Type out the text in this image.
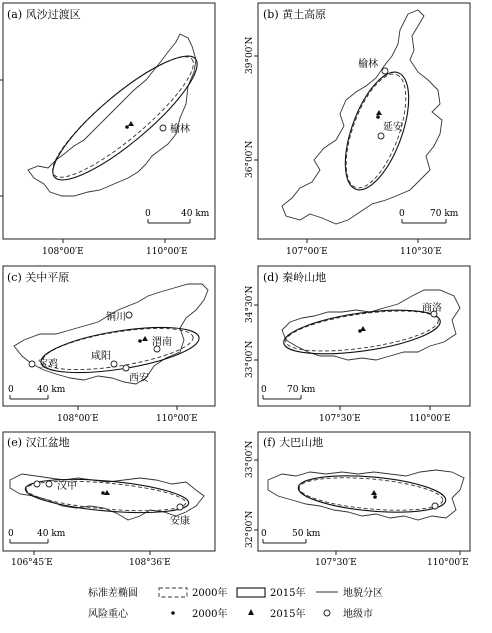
(a) 风沙过渡区
榆林
0	40 km
108°00′E	110°00′E
(b) 黄土高原
榆林
延安
0	70 km
107°00′E	110°30′E
39°00′N
36°00′N
(c) 关中平原
铜川
渭南
咸阳
宝鸡
西安
0	40 km
108°00′E	110°00′E
(d) 秦岭山地
商洛
0 70 km
107°30′E	110°00′E
34°30′N
33°00′N
(e) 汉江盆地
汉中
安康
0	40 km
106°45′E	108°36′E
(f) 大巴山地
0	50 km
107°30′E	110°00′E
33°00′N
32°00′N
标准差椭圆	2000年	2015年	地貌分区
风险重心	2000年	2015年	地级市
